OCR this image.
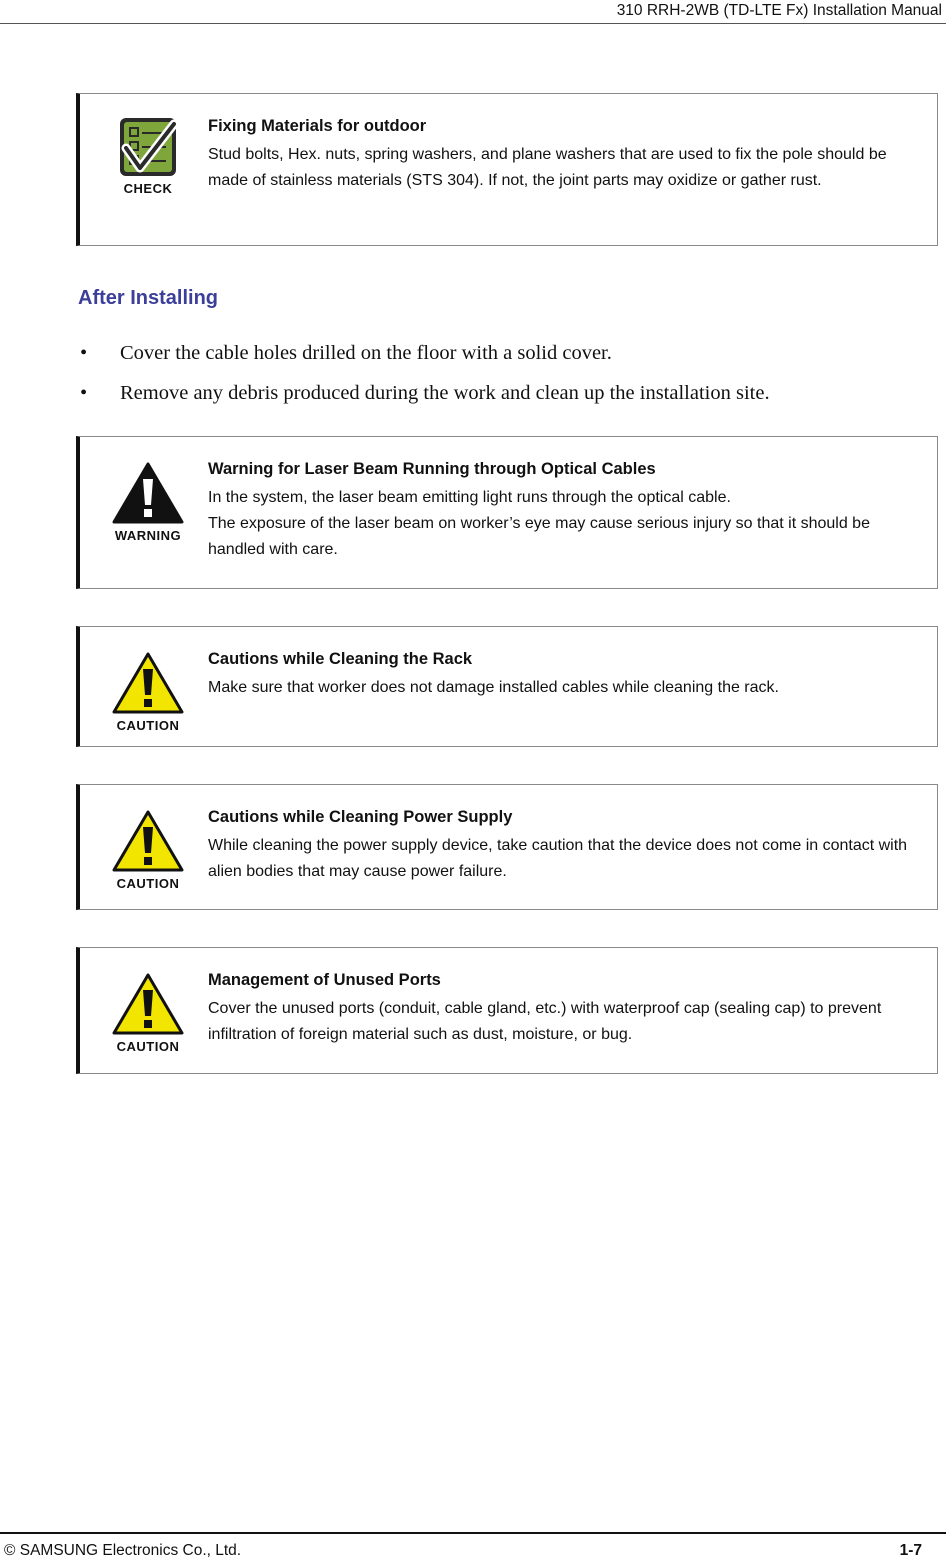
310 RRH-2WB (TD-LTE Fx) Installation Manual
CHECK
Fixing Materials for outdoor
Stud bolts, Hex. nuts, spring washers, and plane washers that are used to fix the pole should be made of stainless materials (STS 304). If not, the joint parts may oxidize or gather rust.
After Installing
• Cover the cable holes drilled on the floor with a solid cover.
• Remove any debris produced during the work and clean up the installation site.
WARNING
Warning for Laser Beam Running through Optical Cables
In the system, the laser beam emitting light runs through the optical cable.
The exposure of the laser beam on worker’s eye may cause serious injury so that it should be handled with care.
CAUTION
Cautions while Cleaning the Rack
Make sure that worker does not damage installed cables while cleaning the rack.
CAUTION
Cautions while Cleaning Power Supply
While cleaning the power supply device, take caution that the device does not come in contact with alien bodies that may cause power failure.
CAUTION
Management of Unused Ports
Cover the unused ports (conduit, cable gland, etc.) with waterproof cap (sealing cap) to prevent infiltration of foreign material such as dust, moisture, or bug.
© SAMSUNG Electronics Co., Ltd.	1-7
